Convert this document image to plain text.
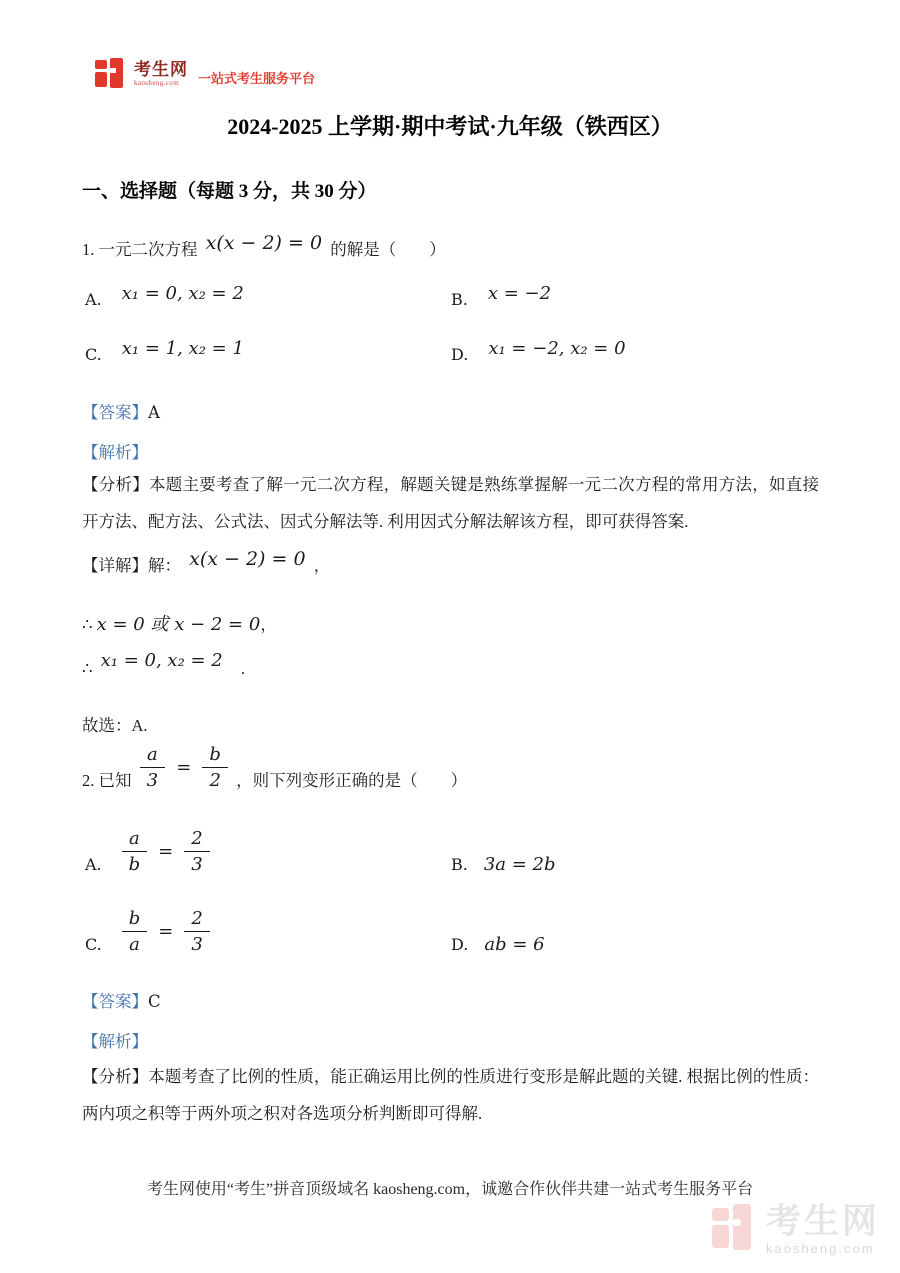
考生网
kaosheng.com	一站式考生服务平台
2024-2025 上学期·期中考试·九年级（铁西区）
一、选择题（每题 3 分，共 30 分）
1. 一元二次方程 x(x − 2) = 0 的解是（　　）
A. x₁ = 0, x₂ = 2	B. x = −2
C. x₁ = 1, x₂ = 1	D. x₁ = −2, x₂ = 0
【答案】A
【解析】
【分析】本题主要考查了解一元二次方程，解题关键是熟练掌握解一元二次方程的常用方法，如直接开方法、配方法、公式法、因式分解法等. 利用因式分解法解该方程，即可获得答案.
【详解】解： x(x − 2) = 0 ，
∴ x = 0 或 x − 2 = 0，
∴ x₁ = 0, x₂ = 2 .
故选：A.
2. 已知 $\frac{a}{3} = \frac{b}{2}$ ，则下列变形正确的是（　　）
A. $\frac{a}{b} = \frac{2}{3}$	B. 3a = 2b
C. $\frac{b}{a} = \frac{2}{3}$	D. ab = 6
【答案】C
【解析】
【分析】本题考查了比例的性质，能正确运用比例的性质进行变形是解此题的关键. 根据比例的性质：两内项之积等于两外项之积对各选项分析判断即可得解.
考生网使用“考生”拼音顶级域名 kaosheng.com，诚邀合作伙伴共建一站式考生服务平台
考生网
kaosheng.com
